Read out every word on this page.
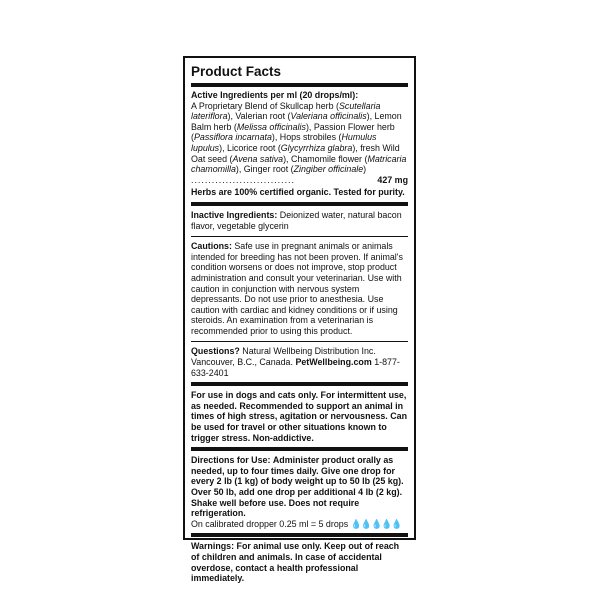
Product Facts
Active Ingredients per ml (20 drops/ml):
A Proprietary Blend of Skullcap herb (Scutellaria lateriflora), Valerian root (Valeriana officinalis), Lemon Balm herb (Melissa officinalis), Passion Flower herb (Passiflora incarnata), Hops strobiles (Humulus lupulus), Licorice root (Glycyrrhiza glabra), fresh Wild Oat seed (Avena sativa), Chamomile flower (Matricaria chamomilla), Ginger root (Zingiber officinale) ..............................	427 mg
Herbs are 100% certified organic. Tested for purity.
Inactive Ingredients: Deionized water, natural bacon flavor, vegetable glycerin
Cautions: Safe use in pregnant animals or animals intended for breeding has not been proven. If animal's condition worsens or does not improve, stop product administration and consult your veterinarian. Use with caution in conjunction with nervous system depressants. Do not use prior to anesthesia. Use caution with cardiac and kidney conditions or if using steroids. An examination from a veterinarian is recommended prior to using this product.
Questions? Natural Wellbeing Distribution Inc. Vancouver, B.C., Canada. PetWellbeing.com 1-877-633-2401
For use in dogs and cats only. For intermittent use, as needed. Recommended to support an animal in times of high stress, agitation or nervousness. Can be used for travel or other situations known to trigger stress. Non-addictive.
Directions for Use: Administer product orally as needed, up to four times daily. Give one drop for every 2 lb (1 kg) of body weight up to 50 lb (25 kg). Over 50 lb, add one drop per additional 4 lb (2 kg). Shake well before use. Does not require refrigeration.
On calibrated dropper 0.25 ml = 5 drops 💧💧💧💧💧
Warnings: For animal use only. Keep out of reach of children and animals. In case of accidental overdose, contact a health professional immediately.
